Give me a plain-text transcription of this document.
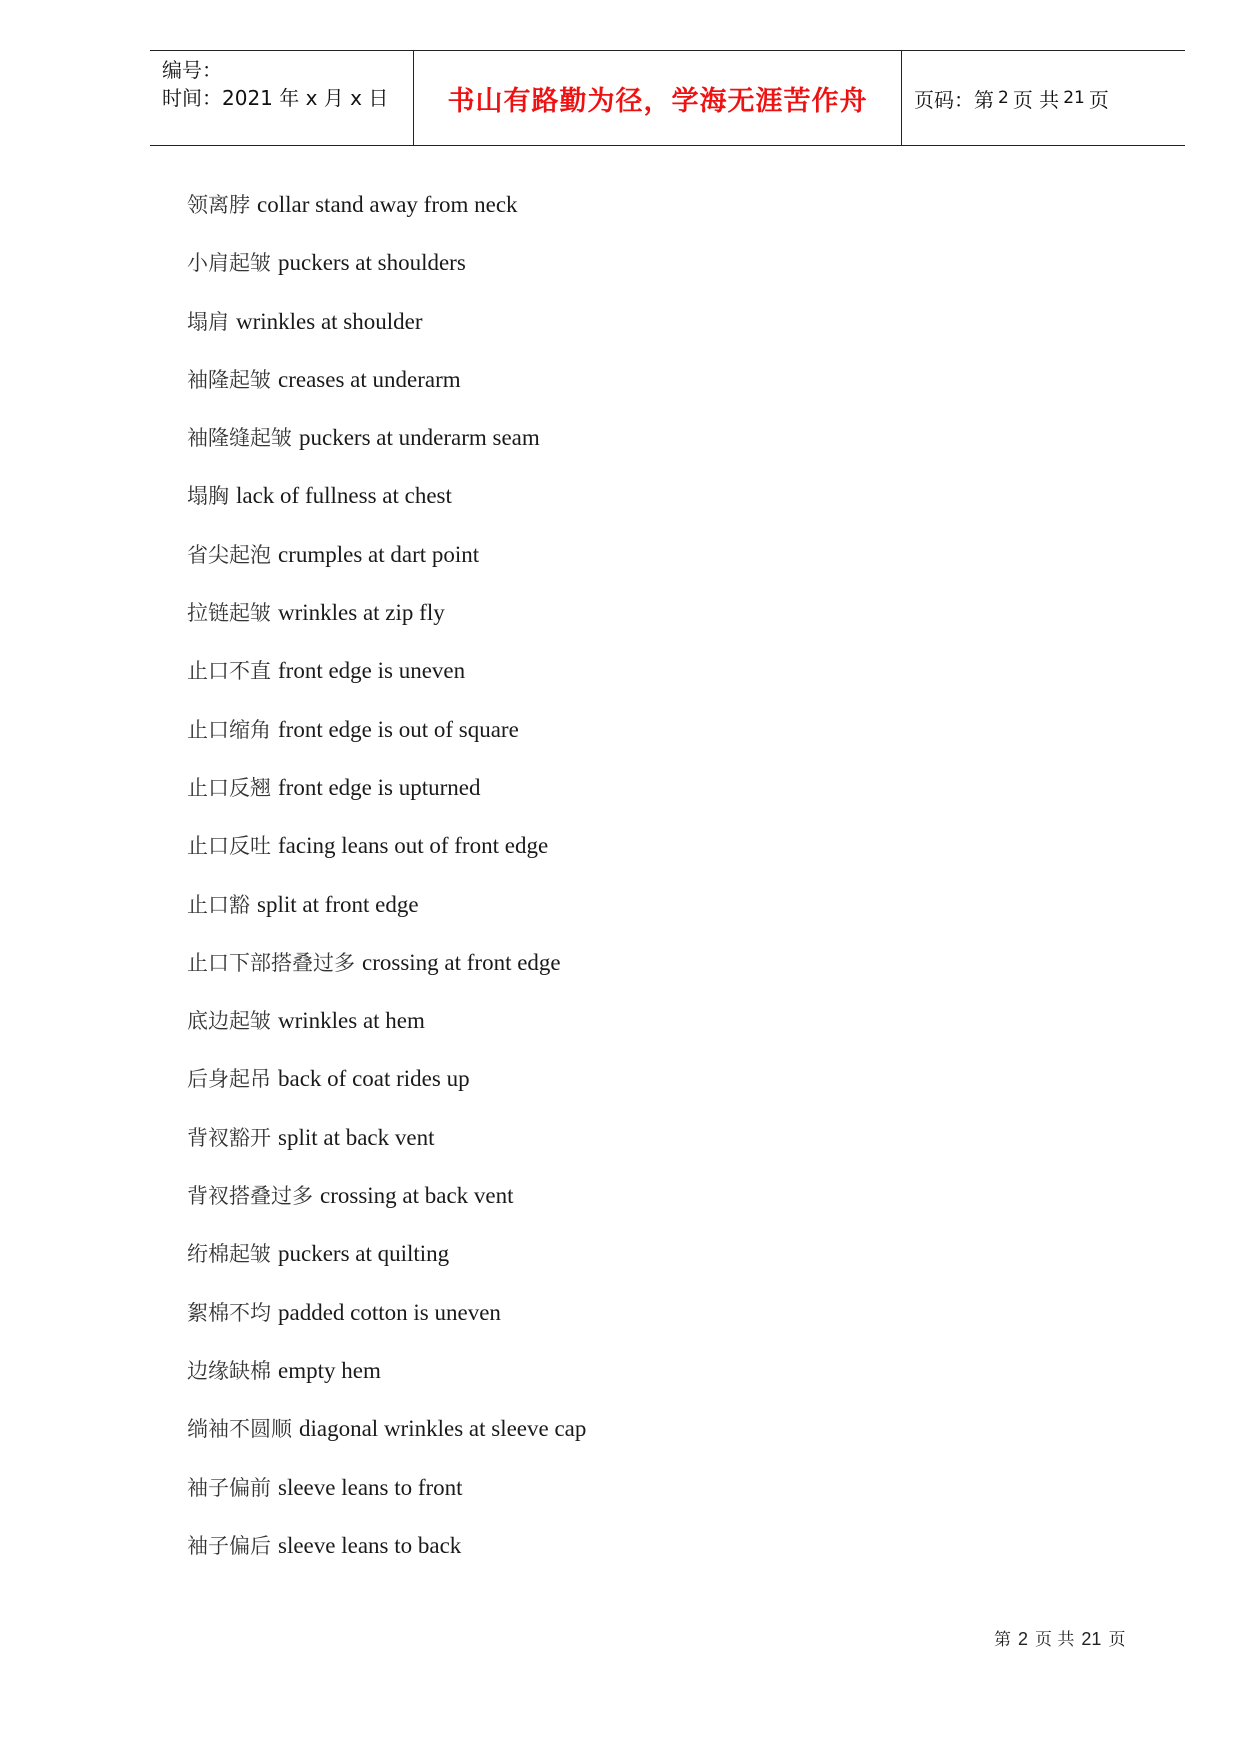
编号：
时间：2021 年 x 月 x 日	书山有路勤为径，学海无涯苦作舟 页码：第 2 页 共 21 页
领离脖 collar stand away from neck
小肩起皱 puckers at shoulders
塌肩 wrinkles at shoulder
袖隆起皱 creases at underarm
袖隆缝起皱 puckers at underarm seam
塌胸 lack of fullness at chest
省尖起泡 crumples at dart point
拉链起皱 wrinkles at zip fly
止口不直 front edge is uneven
止口缩角 front edge is out of square
止口反翘 front edge is upturned
止口反吐 facing leans out of front edge
止口豁 split at front edge
止口下部搭叠过多 crossing at front edge
底边起皱 wrinkles at hem
后身起吊 back of coat rides up
背衩豁开 split at back vent
背衩搭叠过多 crossing at back vent
绗棉起皱 puckers at quilting
絮棉不均 padded cotton is uneven
边缘缺棉 empty hem
绱袖不圆顺 diagonal wrinkles at sleeve cap
袖子偏前 sleeve leans to front
袖子偏后 sleeve leans to back
第 2 页 共 21 页
